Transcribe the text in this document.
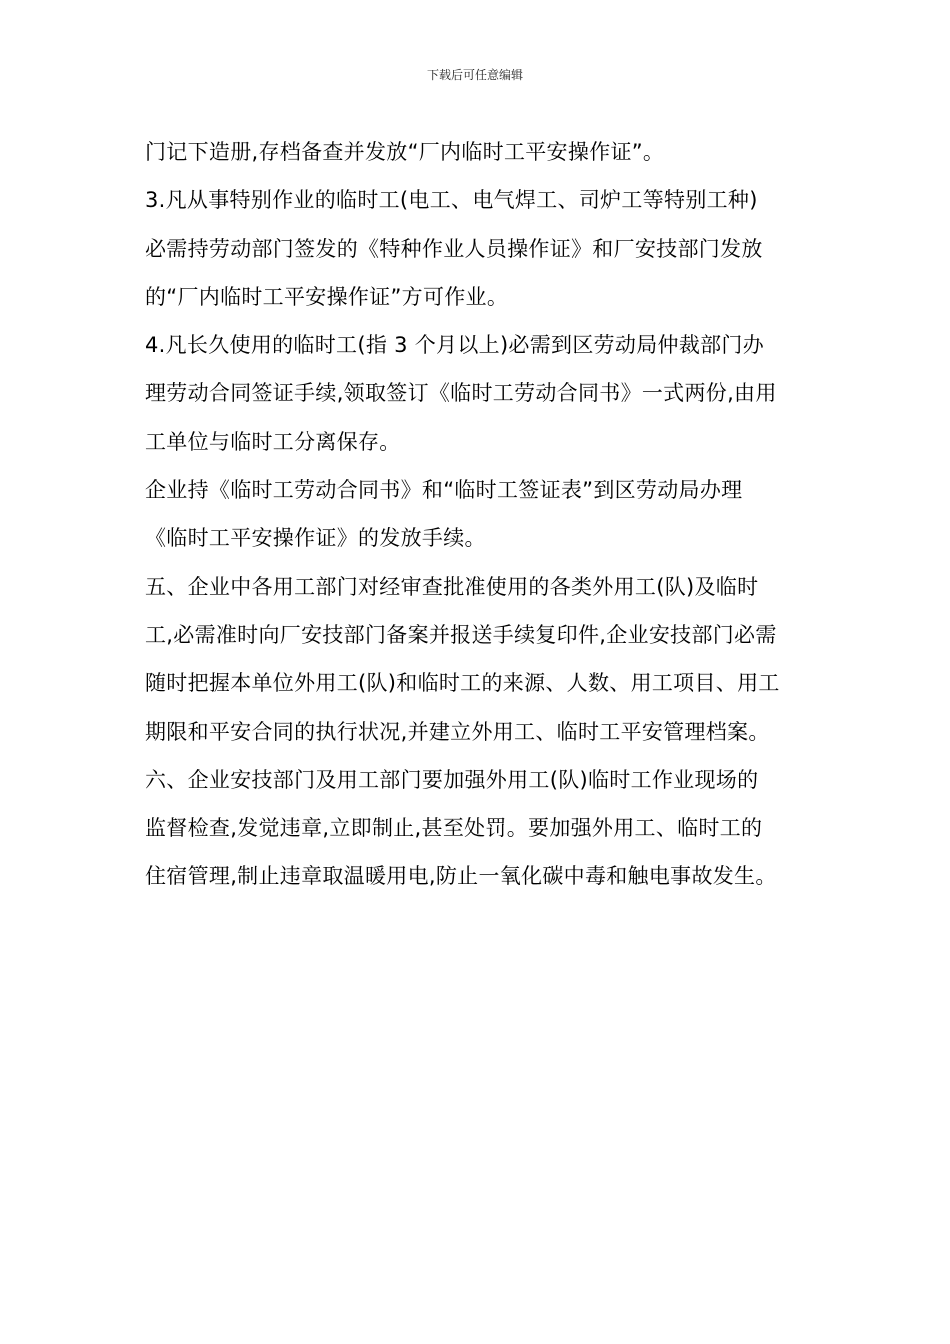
下载后可任意编辑
门记下造册,存档备查并发放“厂内临时工平安操作证”。
3.凡从事特别作业的临时工(电工、电气焊工、司炉工等特别工种)
必需持劳动部门签发的《特种作业人员操作证》和厂安技部门发放
的“厂内临时工平安操作证”方可作业。
4.凡长久使用的临时工(指 3 个月以上)必需到区劳动局仲裁部门办
理劳动合同签证手续,领取签订《临时工劳动合同书》一式两份,由用
工单位与临时工分离保存。
企业持《临时工劳动合同书》和“临时工签证表”到区劳动局办理
《临时工平安操作证》的发放手续。
五、企业中各用工部门对经审查批准使用的各类外用工(队)及临时
工,必需准时向厂安技部门备案并报送手续复印件,企业安技部门必需
随时把握本单位外用工(队)和临时工的来源、人数、用工项目、用工
期限和平安合同的执行状况,并建立外用工、临时工平安管理档案。
六、企业安技部门及用工部门要加强外用工(队)临时工作业现场的
监督检查,发觉违章,立即制止,甚至处罚。要加强外用工、临时工的
住宿管理,制止违章取温暖用电,防止一氧化碳中毒和触电事故发生。
